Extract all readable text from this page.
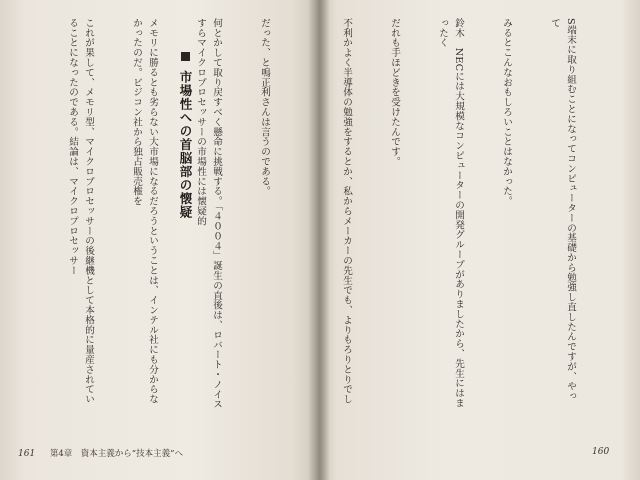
だった、と鳴正利さんは言うのである。

何とかして取り戻すべく懸命に挑戦する。「４００４」誕生の直後は、ロバート・ノイスすらマイクロプロセッサーの市場性には懐疑的

メモリに勝るとも劣らない大市場になるだろうということは、インテル社にも分からなかったのだ。ビジコン社から独占販売権を

これが果して、メモリ型、マイクロプロセッサーの後継機として本格的に量産されていることになったのである。結論は、マイクロプロセッサー

	市場性への首脳部の懐疑
161 第4章　資本主義から“技本主義”へ

S端末に取り組むことになってコンピューターの基礎から勉強し直したんですが、やって

みるとこんなおもしろいことはなかった。

鈴木　NECには大規模なコンピューターの開発グループがありましたから、先生にはまったく

だれも手ほどきを受けたんです。

不利かよく半導体の勉強をするとか、私からメーカーの先生でも、よりもろりとりでし

160
